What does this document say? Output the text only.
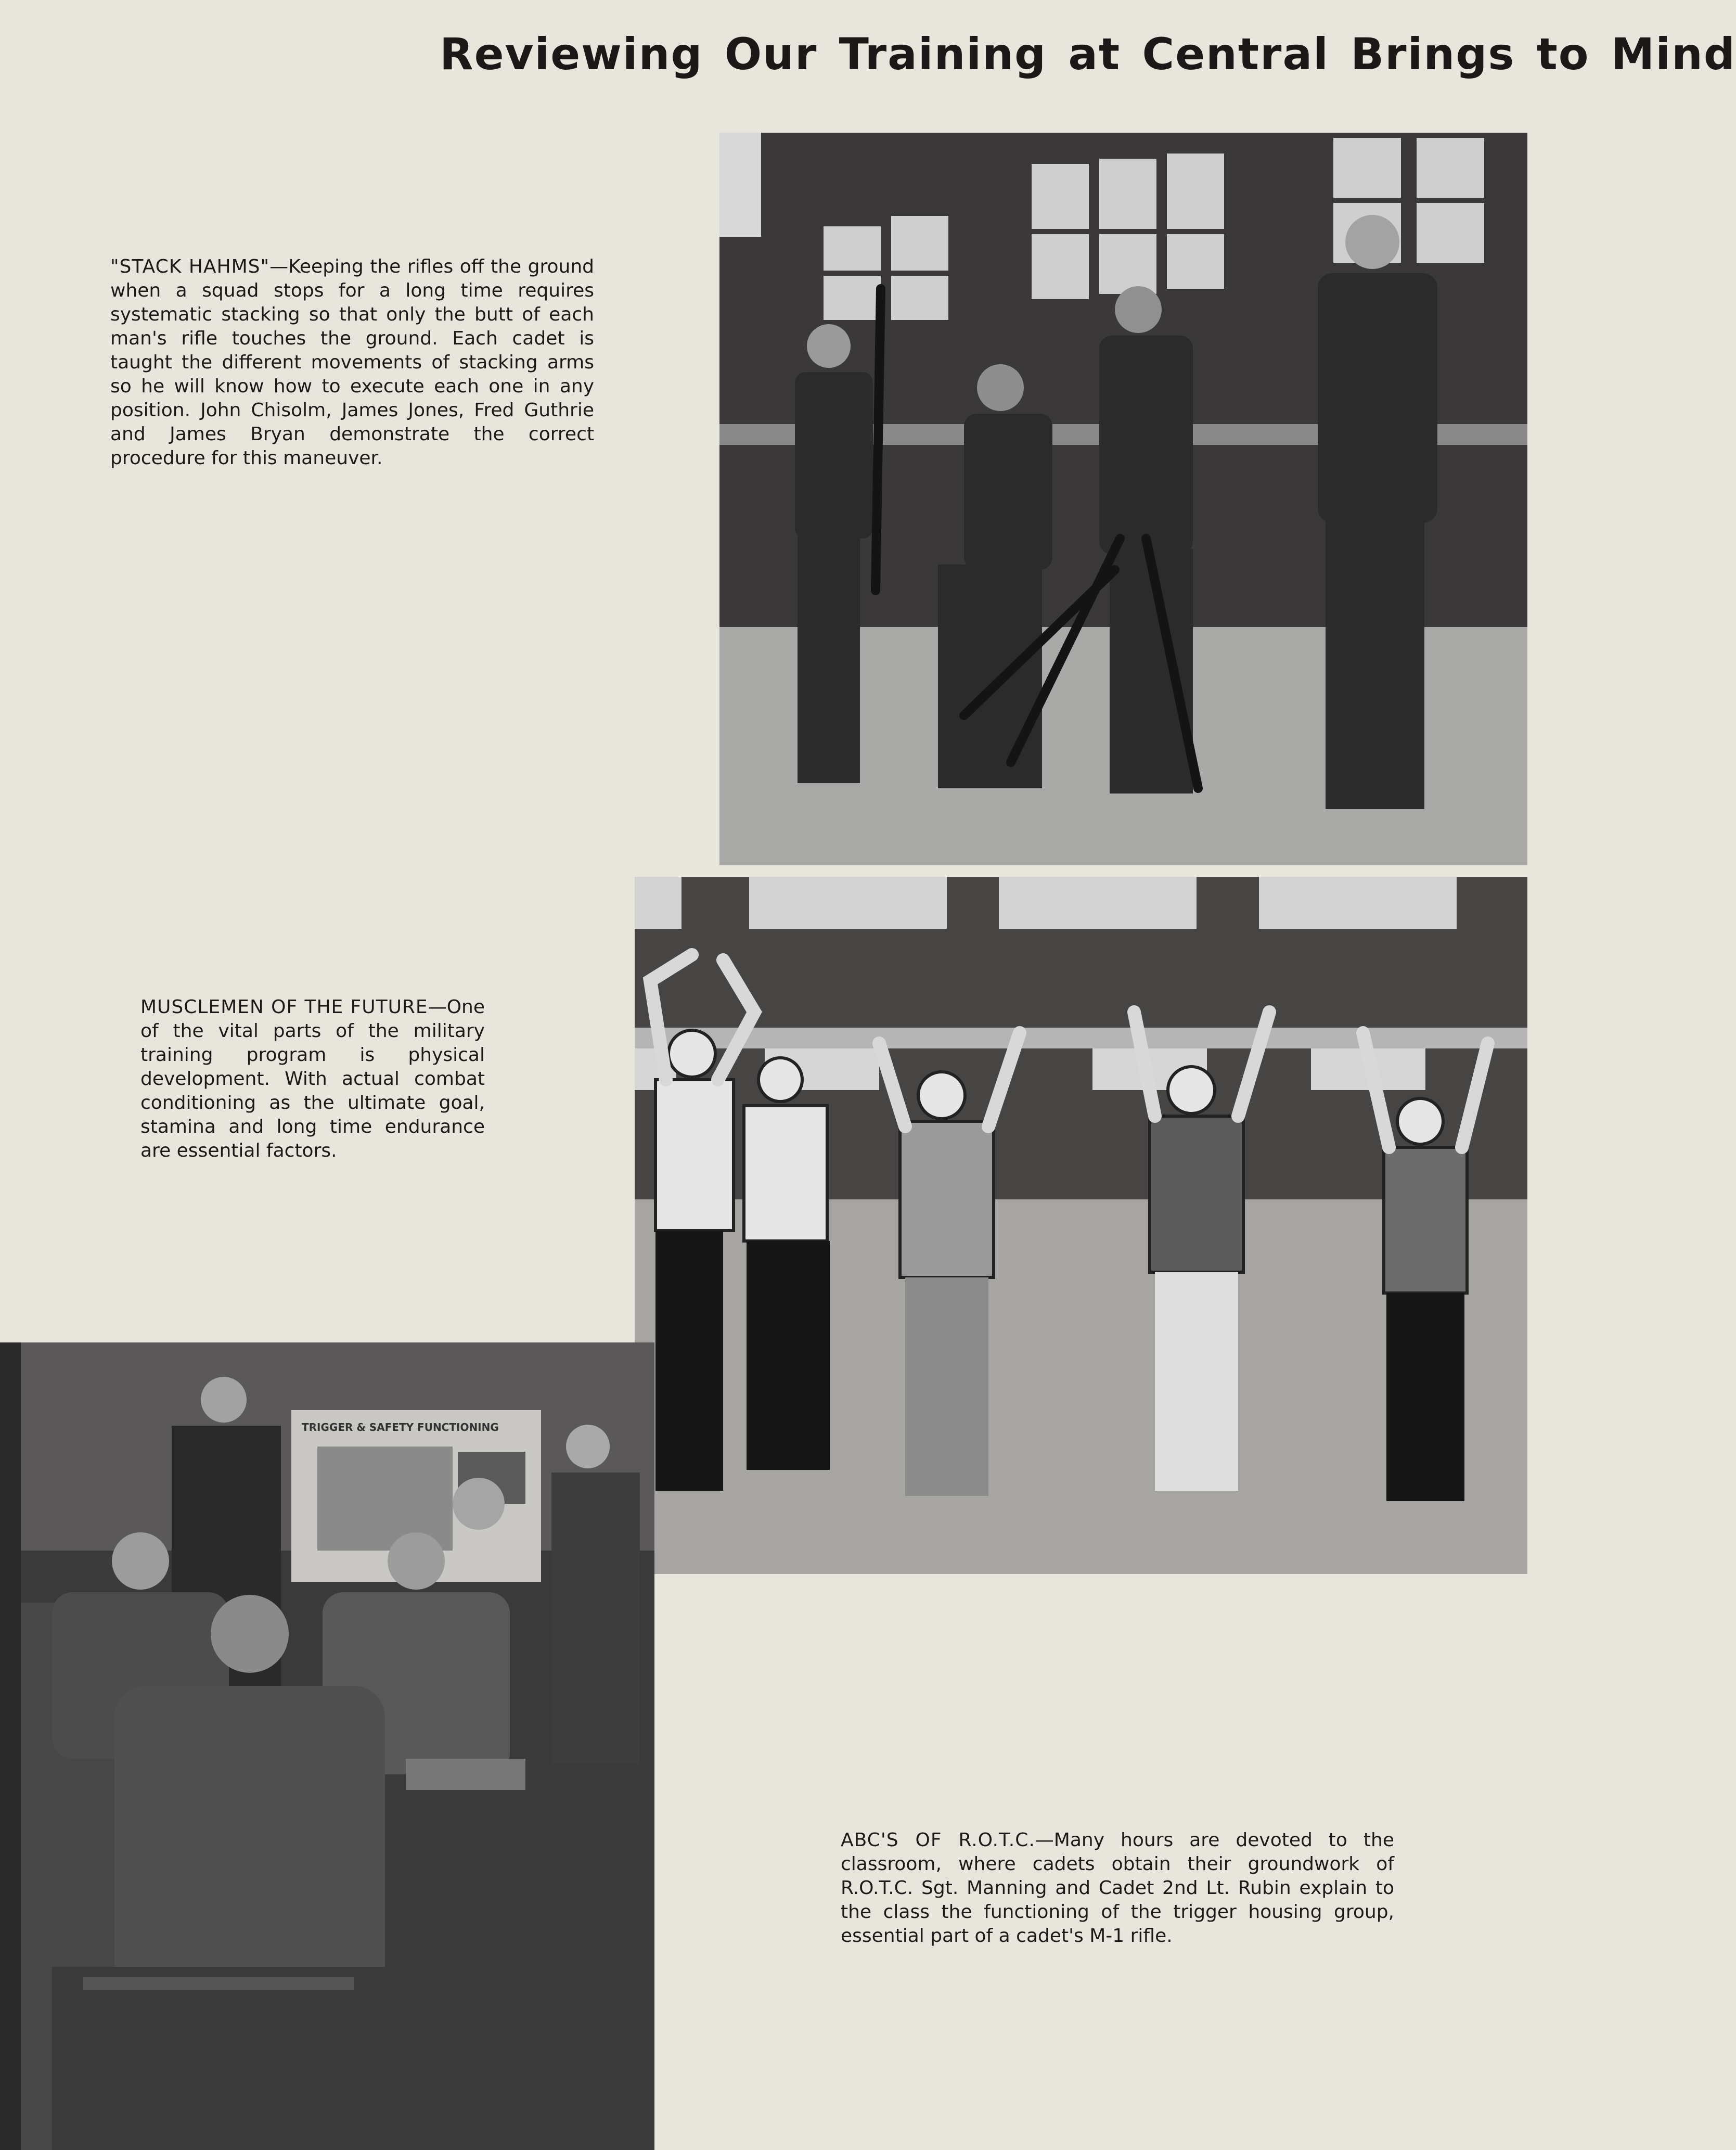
Reviewing Our Training at Central Brings to Mind
"STACK HAHMS"—Keeping the rifles off the ground when a squad stops for a long time requires systematic stacking so that only the butt of each man's rifle touches the ground. Each cadet is taught the different movements of stacking arms so he will know how to execute each one in any position. John Chisolm, James Jones, Fred Guthrie and James Bryan demonstrate the correct procedure for this maneuver.
MUSCLEMEN OF THE FUTURE—One of the vital parts of the military training program is physical development. With actual combat conditioning as the ultimate goal, stamina and long time endurance are essential factors.
ABC'S OF R.O.T.C.—Many hours are devoted to the classroom, where cadets obtain their groundwork of R.O.T.C. Sgt. Manning and Cadet 2nd Lt. Rubin explain to the class the functioning of the trigger housing group, essential part of a cadet's M-1 rifle.
TRIGGER & SAFETY FUNCTIONING
